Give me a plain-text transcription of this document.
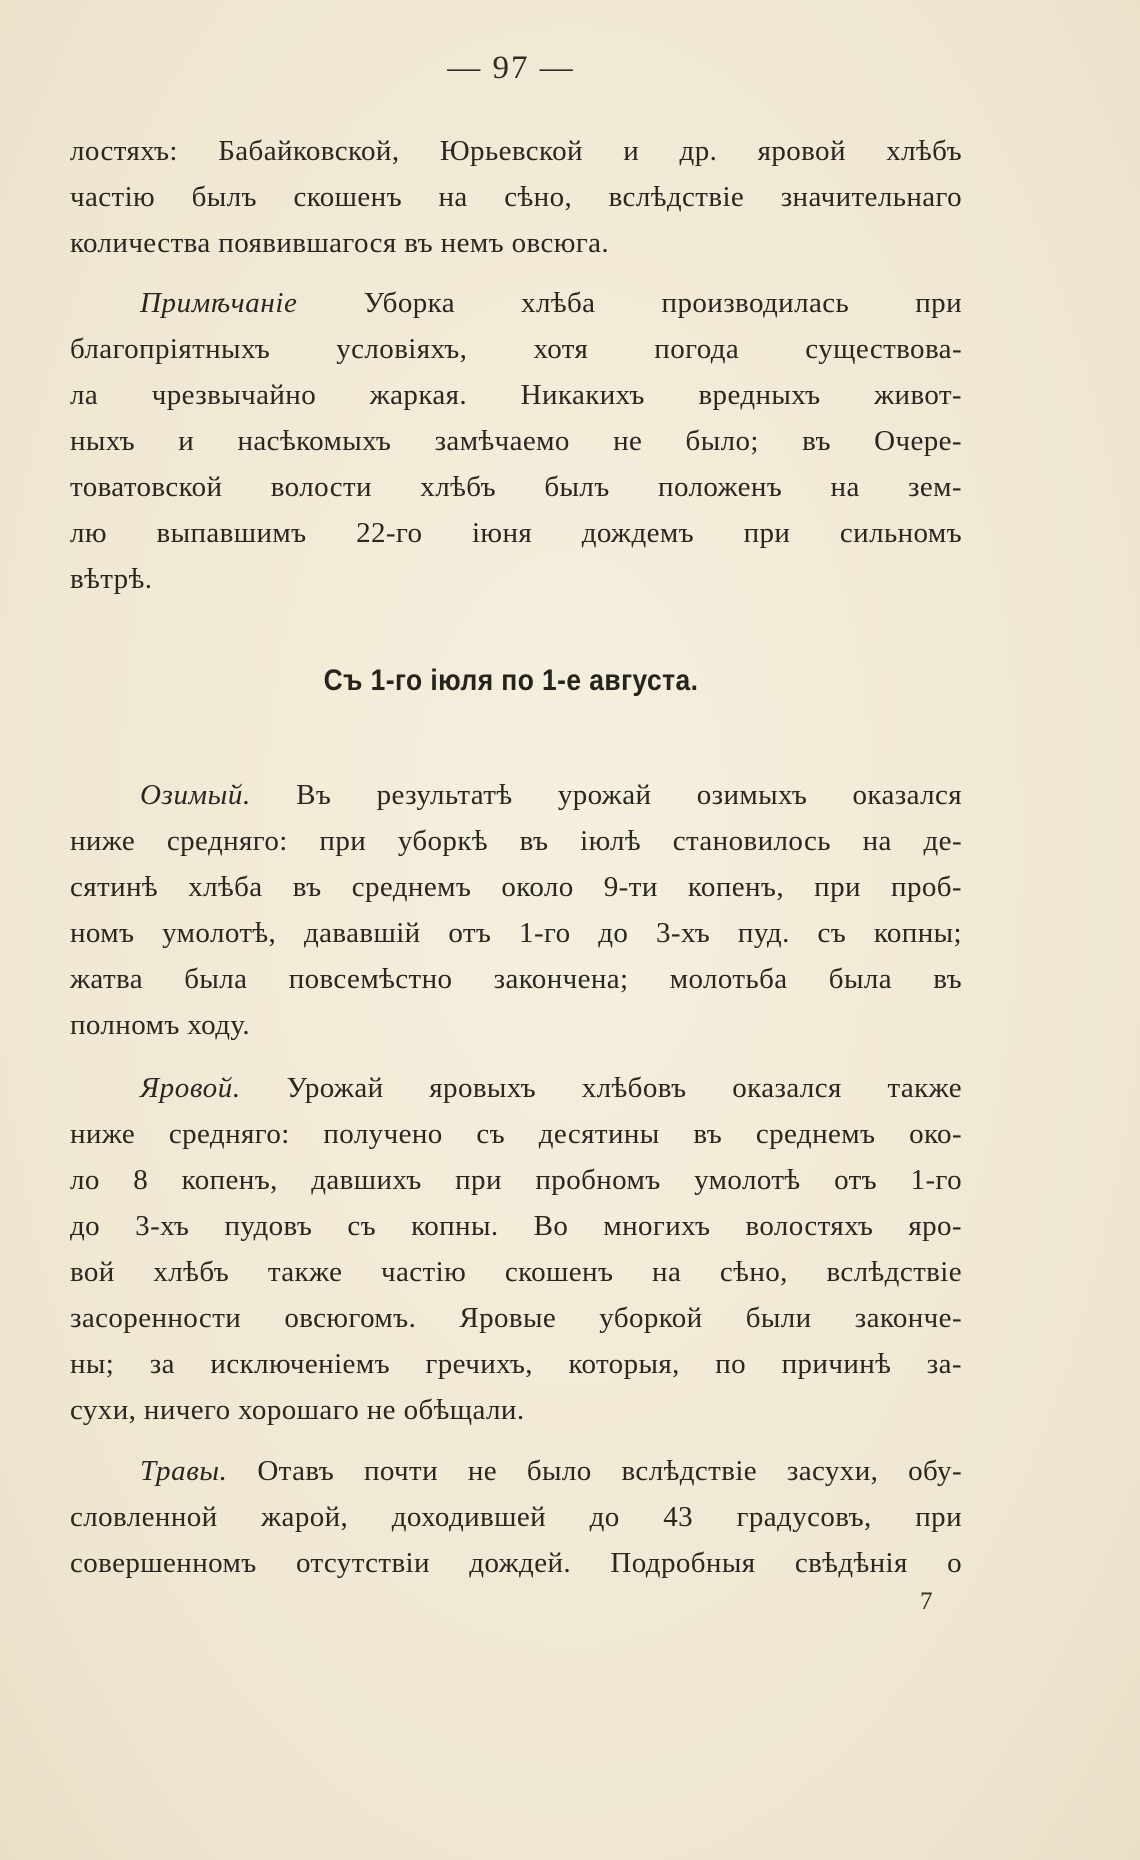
— 97 —
лостяхъ: Бабайковской, Юрьевской и др. яровой хлѣбъ
частію былъ скошенъ на сѣно, вслѣдствіе значительнаго
количества появившагося въ немъ овсюга.
Примѣчаніе Уборка хлѣба производилась при
благопріятныхъ условіяхъ, хотя погода существова-
ла чрезвычайно жаркая. Никакихъ вредныхъ живот-
ныхъ и насѣкомыхъ замѣчаемо не было; въ Очере-
товатовской волости хлѣбъ былъ положенъ на зем-
лю выпавшимъ 22-го іюня дождемъ при сильномъ
вѣтрѣ.
Съ 1-го іюля по 1-е августа.
Озимый. Въ результатѣ урожай озимыхъ оказался
ниже средняго: при уборкѣ въ іюлѣ становилось на де-
сятинѣ хлѣба въ среднемъ около 9-ти копенъ, при проб-
номъ умолотѣ, дававшій отъ 1-го до 3-хъ пуд. съ копны;
жатва была повсемѣстно закончена; молотьба была въ
полномъ ходу.
Яровой. Урожай яровыхъ хлѣбовъ оказался также
ниже средняго: получено съ десятины въ среднемъ око-
ло 8 копенъ, давшихъ при пробномъ умолотѣ отъ 1-го
до 3-хъ пудовъ съ копны. Во многихъ волостяхъ яро-
вой хлѣбъ также частію скошенъ на сѣно, вслѣдствіе
засоренности овсюгомъ. Яровые уборкой были законче-
ны; за исключеніемъ гречихъ, которыя, по причинѣ за-
сухи, ничего хорошаго не обѣщали.
Травы. Отавъ почти не было вслѣдствіе засухи, обу-
словленной жарой, доходившей до 43 градусовъ, при
совершенномъ отсутствіи дождей. Подробныя свѣдѣнія о
7
